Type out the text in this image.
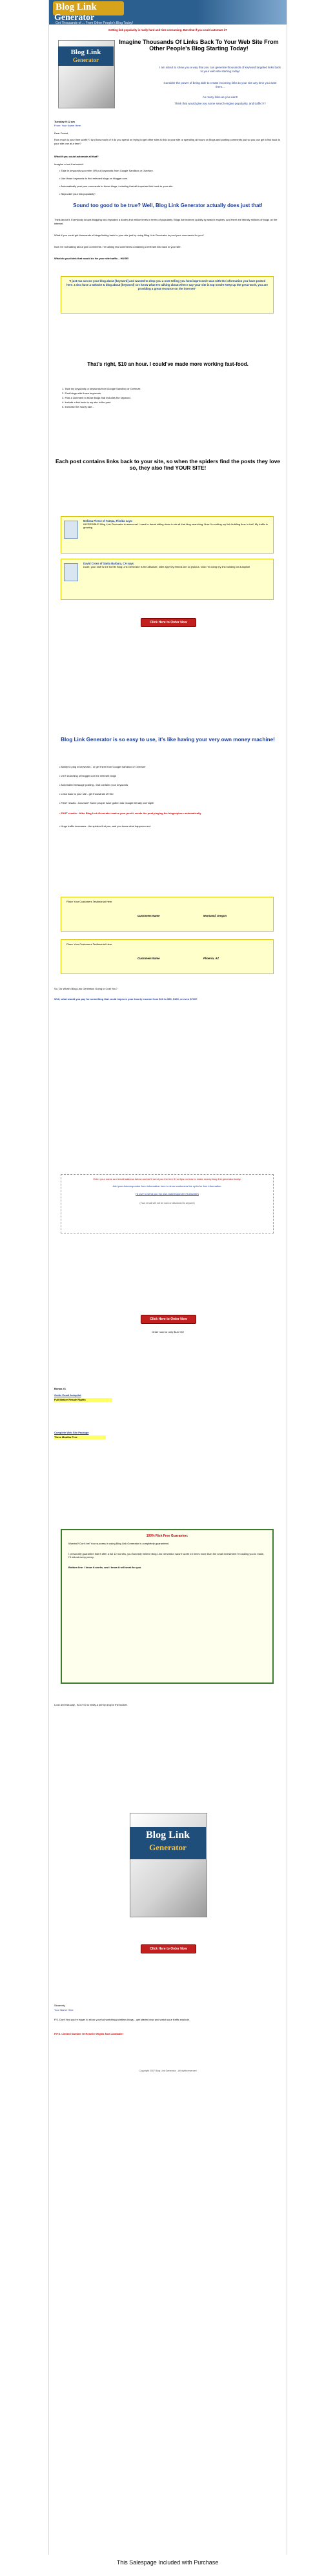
Blog Link
Generator
Get Thousands of ... From Other People's Blog Today!
Getting link popularity is really hard and time consuming. But what if you could automate it?
Blog Link
Generator
Imagine Thousands Of Links Back To Your Web Site From Other People's Blog Starting Today!
I am about to show you a way that you can generate thousands of keyword targeted links back to your web site starting today!
Consider the power of being able to create incoming links to your site any time you want them...
As many links as you want!
Think that would give you some search engine popularity, and traffic?!?
Tuesday 9:12 am
From: Your Name Here
Dear Friend,
How much is your time worth?? And how much of it do you spend on trying to get other sites to link to your site or spending all hours on blogs and posting comments just so you can get a link back to your site one at a time?
What if you could automate all that?
Imagine a tool that would:
• Take in keywords you enter OR pull keywords from Google Sandbox or Overture.
• Use those keywords to find relevant blogs on blogger.com.
• Automatically post your comments to those blogs, including that all-important link back to your site.
• Skyrocket your link popularity!
Sound too good to be true? Well, Blog Link Generator actually does just that!
Think about it. Everybody knows blogging has exploded a dozen and million times in terms of popularity. Blogs are indexed quickly by search engines, and there are literally millions of blogs on the internet.
What if you could get thousands of blogs linking back to your site just by using Blog Link Generator to post your comments for you?
Now I'm not talking about junk comments. I'm talking real comments containing a relevant link back to your site.
What do you think that would do for your site traffic... HUGE!
"I just ran across your blog about [keyword] and wanted to drop you a note telling you how impressed I was with the information you have posted here. I also have a website & blog about [keyword] so I know what I'm talking about when I say your site is top notch! Keep up the great work, you are providing a great resource on the internet!"
That's right, $10 an hour. I could've made more working fast-food.
1. Take my keywords or keywords from Google Sandbox or Overture.
2. Find blogs with those keywords.
3. Post a comment to those blogs that includes the keyword.
4. Include a link back to my site in the post.
5. Increase the hourly rate...
Each post contains links back to your site, so when the spiders find the posts they love so, they also find YOUR SITE!
Melissa Pierce of Tampa, Florida says:
INCREDIBLE! Blog Link Generator is awesome! I used to dread sitting down to do all that blog searching. Now I'm cutting my link building time in half. My traffic is growing.
David Cross of Santa Barbara, CA says:
Dude, your stuff is the bomb! Blog Link Generator is the absolute, killer app! My friends are so jealous. Now I'm doing my link building on autopilot!
Click Here to Order Now
Blog Link Generator is so easy to use, it's like having your very own money machine!
• Ability to plug in keywords - or get them from Google Sandbox or Overture
• 24/7 searching of blogger.com for relevant blogs
• Automated message posting - that contains your keywords
• Links back to your site - get thousands of hits!
• FAST results - how fast? Some people have gotten into Google literally overnight!
• FAST results - After Blog Link Generator makes your post it sends the post pinging the blogosphere automatically
• Huge traffic increases - the spiders find you, and you know what happens next.
Place Your Customers Testimonial Here
Customers Name	Mormand, Oregon
Place Your Customers Testimonial Here
Customers Name	Phoenix, AZ
So, Do What's Blog Link Generator Going to Cost You?
Well, what would you pay for something that could improve your hourly income from $10 to $50, $100, or even $735?
Enter your name and email address below and we'll send you the free 5 hot tips on how to make money blog link generator today.
Add your Autoresponder form information here to show customers the optin for free information.
I'd love to send you my own autoresponder (Subscribe)
(Your email will not be sold or disclosed to anyone)
Click Here to Order Now
Order now for only $147.00!
Bonus #1
Guide Email Autopilot
Full Master Resale Rights
Complete Web Site Package
Three Months Free
100% Risk Free Guarantee:
Worried? Don't be! Your success in using Blog Link Generator is completely guaranteed.
I personally guarantee that if after a full 12 months, you honestly believe Blog Link Generator wasn't worth 10 times more than the small investment I'm asking you to make, I'll refund every penny.
Bottom line: I know it works, and I know it will work for you.
Look at it this way - $147.00 is really a penny drop in the bucket.
Blog Link
Generator
Click Here to Order Now
Sincerely,
Your Name Here
P.S. Don't find you're eager to sit on your tail watching pointless blogs... get started now and watch your traffic explode.
P.P.S. Limited Number Of Reseller Rights Now Available!
Copyright 2007 Blog Link Generator - All rights reserved
This Salespage Included with Purchase
